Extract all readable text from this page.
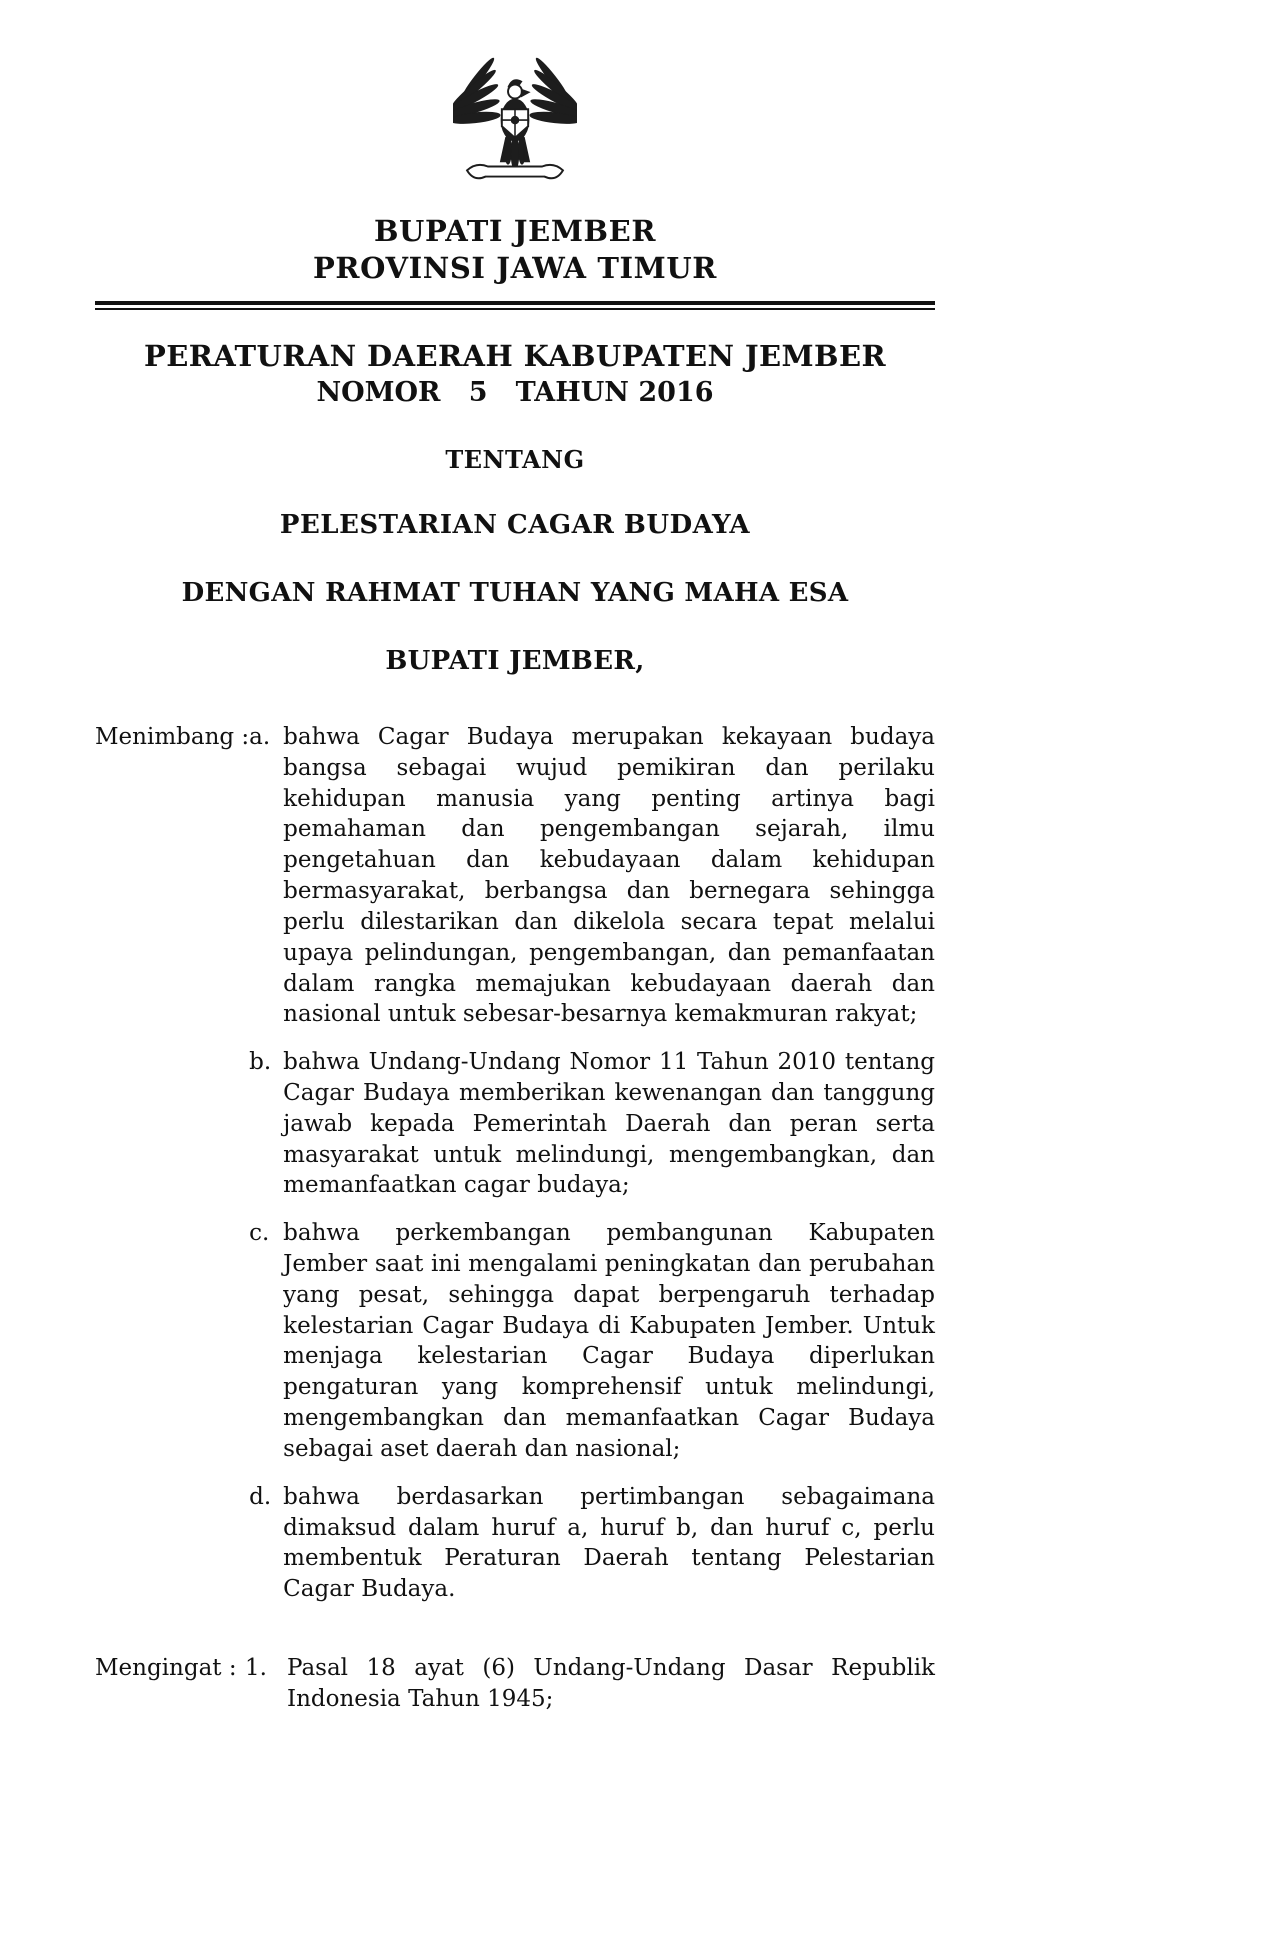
BUPATI JEMBER
PROVINSI JAWA TIMUR
PERATURAN DAERAH KABUPATEN JEMBER
NOMOR   5   TAHUN 2016
TENTANG
PELESTARIAN CAGAR BUDAYA
DENGAN RAHMAT TUHAN YANG MAHA ESA
BUPATI JEMBER,
Menimbang : a. bahwa Cagar Budaya merupakan kekayaan budaya bangsa sebagai wujud pemikiran dan perilaku kehidupan manusia yang penting artinya bagi pemahaman dan pengembangan sejarah, ilmu pengetahuan dan kebudayaan dalam kehidupan bermasyarakat, berbangsa dan bernegara sehingga perlu dilestarikan dan dikelola secara tepat melalui upaya pelindungan, pengembangan, dan pemanfaatan dalam rangka memajukan kebudayaan daerah dan nasional untuk sebesar-besarnya kemakmuran rakyat;
b. bahwa Undang-Undang Nomor 11 Tahun 2010 tentang Cagar Budaya memberikan kewenangan dan tanggung jawab kepada Pemerintah Daerah dan peran serta masyarakat untuk melindungi, mengembangkan, dan memanfaatkan cagar budaya;
c. bahwa perkembangan pembangunan Kabupaten Jember saat ini mengalami peningkatan dan perubahan yang pesat, sehingga dapat berpengaruh terhadap kelestarian Cagar Budaya di Kabupaten Jember. Untuk menjaga kelestarian Cagar Budaya diperlukan pengaturan yang komprehensif untuk melindungi, mengembangkan dan memanfaatkan Cagar Budaya sebagai aset daerah dan nasional;
d. bahwa berdasarkan pertimbangan sebagaimana dimaksud dalam huruf a, huruf b, dan huruf c, perlu membentuk Peraturan Daerah tentang Pelestarian Cagar Budaya.
Mengingat : 1. Pasal 18 ayat (6) Undang-Undang Dasar Republik Indonesia Tahun 1945;
